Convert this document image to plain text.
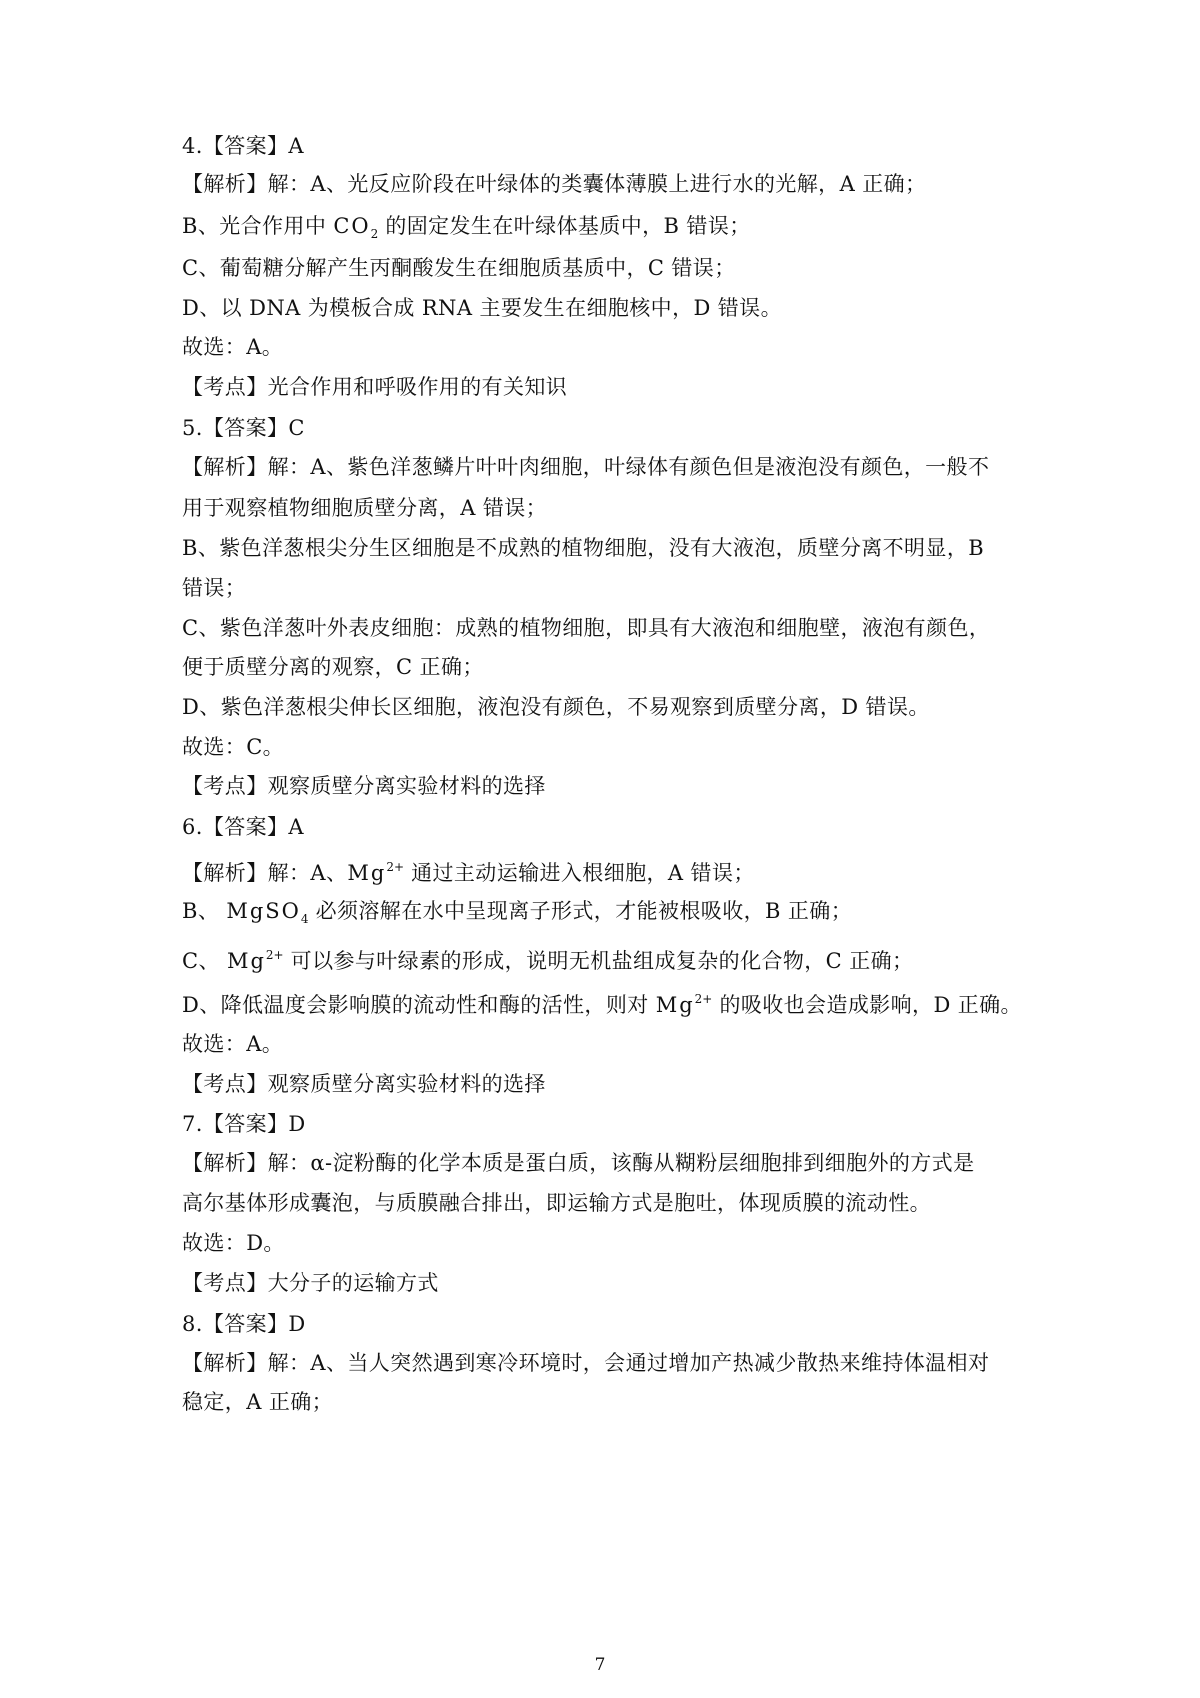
4.【答案】A
【解析】解：A、光反应阶段在叶绿体的类囊体薄膜上进行水的光解，A 正确；
B、光合作用中 $CO_2$ 的固定发生在叶绿体基质中，B 错误；
C、葡萄糖分解产生丙酮酸发生在细胞质基质中，C 错误；
D、以 DNA 为模板合成 RNA 主要发生在细胞核中，D 错误。
故选：A。
【考点】光合作用和呼吸作用的有关知识
5.【答案】C
【解析】解：A、紫色洋葱鳞片叶叶肉细胞，叶绿体有颜色但是液泡没有颜色，一般不
用于观察植物细胞质壁分离，A 错误；
B、紫色洋葱根尖分生区细胞是不成熟的植物细胞，没有大液泡，质壁分离不明显，B
错误；
C、紫色洋葱叶外表皮细胞：成熟的植物细胞，即具有大液泡和细胞壁，液泡有颜色，
便于质壁分离的观察，C 正确；
D、紫色洋葱根尖伸长区细胞，液泡没有颜色，不易观察到质壁分离，D 错误。
故选：C。
【考点】观察质壁分离实验材料的选择
6.【答案】A
【解析】解：A、$Mg^{2+}$ 通过主动运输进入根细胞，A 错误；
B、 MgSO$_4$ 必须溶解在水中呈现离子形式，才能被根吸收，B 正确；
C、 $Mg^{2+}$ 可以参与叶绿素的形成，说明无机盐组成复杂的化合物，C 正确；
D、降低温度会影响膜的流动性和酶的活性，则对 $Mg^{2+}$ 的吸收也会造成影响，D 正确。
故选：A。
【考点】观察质壁分离实验材料的选择
7.【答案】D
【解析】解：α-淀粉酶的化学本质是蛋白质，该酶从糊粉层细胞排到细胞外的方式是
高尔基体形成囊泡，与质膜融合排出，即运输方式是胞吐，体现质膜的流动性。
故选：D。
【考点】大分子的运输方式
8.【答案】D
【解析】解：A、当人突然遇到寒冷环境时，会通过增加产热减少散热来维持体温相对
稳定，A 正确；
7
